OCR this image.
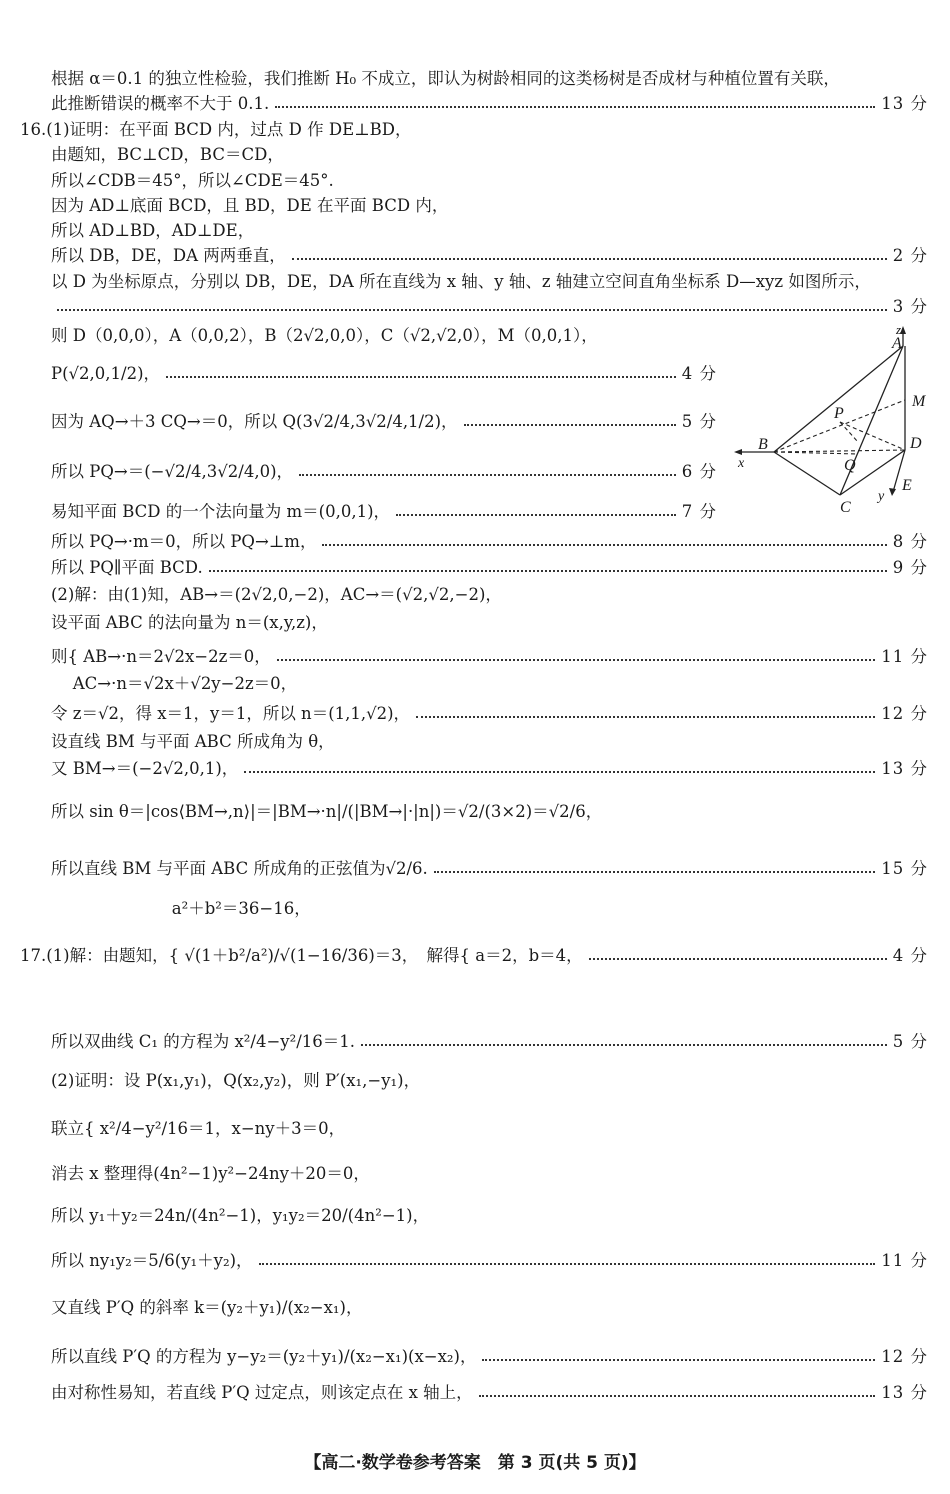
根据 α＝0.1 的独立性检验，我们推断 H₀ 不成立，即认为树龄相同的这类杨树是否成材与种植位置有关联，
此推断错误的概率不大于 0.1.	13 分
16.(1)证明：在平面 BCD 内，过点 D 作 DE⊥BD，
由题知，BC⊥CD，BC＝CD，
所以∠CDB＝45°，所以∠CDE＝45°.
因为 AD⊥底面 BCD，且 BD，DE 在平面 BCD 内，
所以 AD⊥BD，AD⊥DE，
所以 DB，DE，DA 两两垂直，	2 分
以 D 为坐标原点，分别以 DB，DE，DA 所在直线为 x 轴、y 轴、z 轴建立空间直角坐标系 D—xyz 如图所示，
3 分
则 D（0,0,0），A（0,0,2），B（2√2,0,0），C（√2,√2,0），M（0,0,1），
P(√2,0,1/2)，	4 分
因为 AQ→＋3 CQ→＝0，所以 Q(3√2/4,3√2/4,1/2)，	5 分
所以 PQ→＝(−√2/4,3√2/4,0)，	6 分
易知平面 BCD 的一个法向量为 m＝(0,0,1)，	7 分
z
A
M
P
B	D
x	Q
y
E
C
所以 PQ→·m＝0，所以 PQ→⊥m，	8 分
所以 PQ∥平面 BCD.	9 分
(2)解：由(1)知，AB→＝(2√2,0,−2)，AC→＝(√2,√2,−2)，
设平面 ABC 的法向量为 n＝(x,y,z)，
则{ AB→·n＝2√2x−2z＝0，	11 分
　 AC→·n＝√2x＋√2y−2z＝0，
令 z＝√2，得 x＝1，y＝1，所以 n＝(1,1,√2)，	12 分
设直线 BM 与平面 ABC 所成角为 θ，
又 BM→＝(−2√2,0,1)，	13 分
所以 sin θ＝|cos⟨BM→,n⟩|＝|BM→·n|/(|BM→|·|n|)＝√2/(3×2)＝√2/6，
所以直线 BM 与平面 ABC 所成角的正弦值为√2/6.	15 分
　　　　　　　 a²＋b²＝36−16，
17.(1)解：由题知，{ √(1＋b²/a²)/√(1−16/36)＝3，　解得{ a＝2，b＝4，	4 分
所以双曲线 C₁ 的方程为 x²/4−y²/16＝1.	5 分
(2)证明：设 P(x₁,y₁)，Q(x₂,y₂)，则 P′(x₁,−y₁)，
联立{ x²/4−y²/16＝1，x−ny＋3＝0，
消去 x 整理得(4n²−1)y²−24ny＋20＝0，
所以 y₁＋y₂＝24n/(4n²−1)，y₁y₂＝20/(4n²−1)，
所以 ny₁y₂＝5/6(y₁＋y₂)，	11 分
又直线 P′Q 的斜率 k＝(y₂＋y₁)/(x₂−x₁)，
所以直线 P′Q 的方程为 y−y₂＝(y₂＋y₁)/(x₂−x₁)(x−x₂)，	12 分
由对称性易知，若直线 P′Q 过定点，则该定点在 x 轴上，	13 分
【高二·数学卷参考答案　第 3 页(共 5 页)】
